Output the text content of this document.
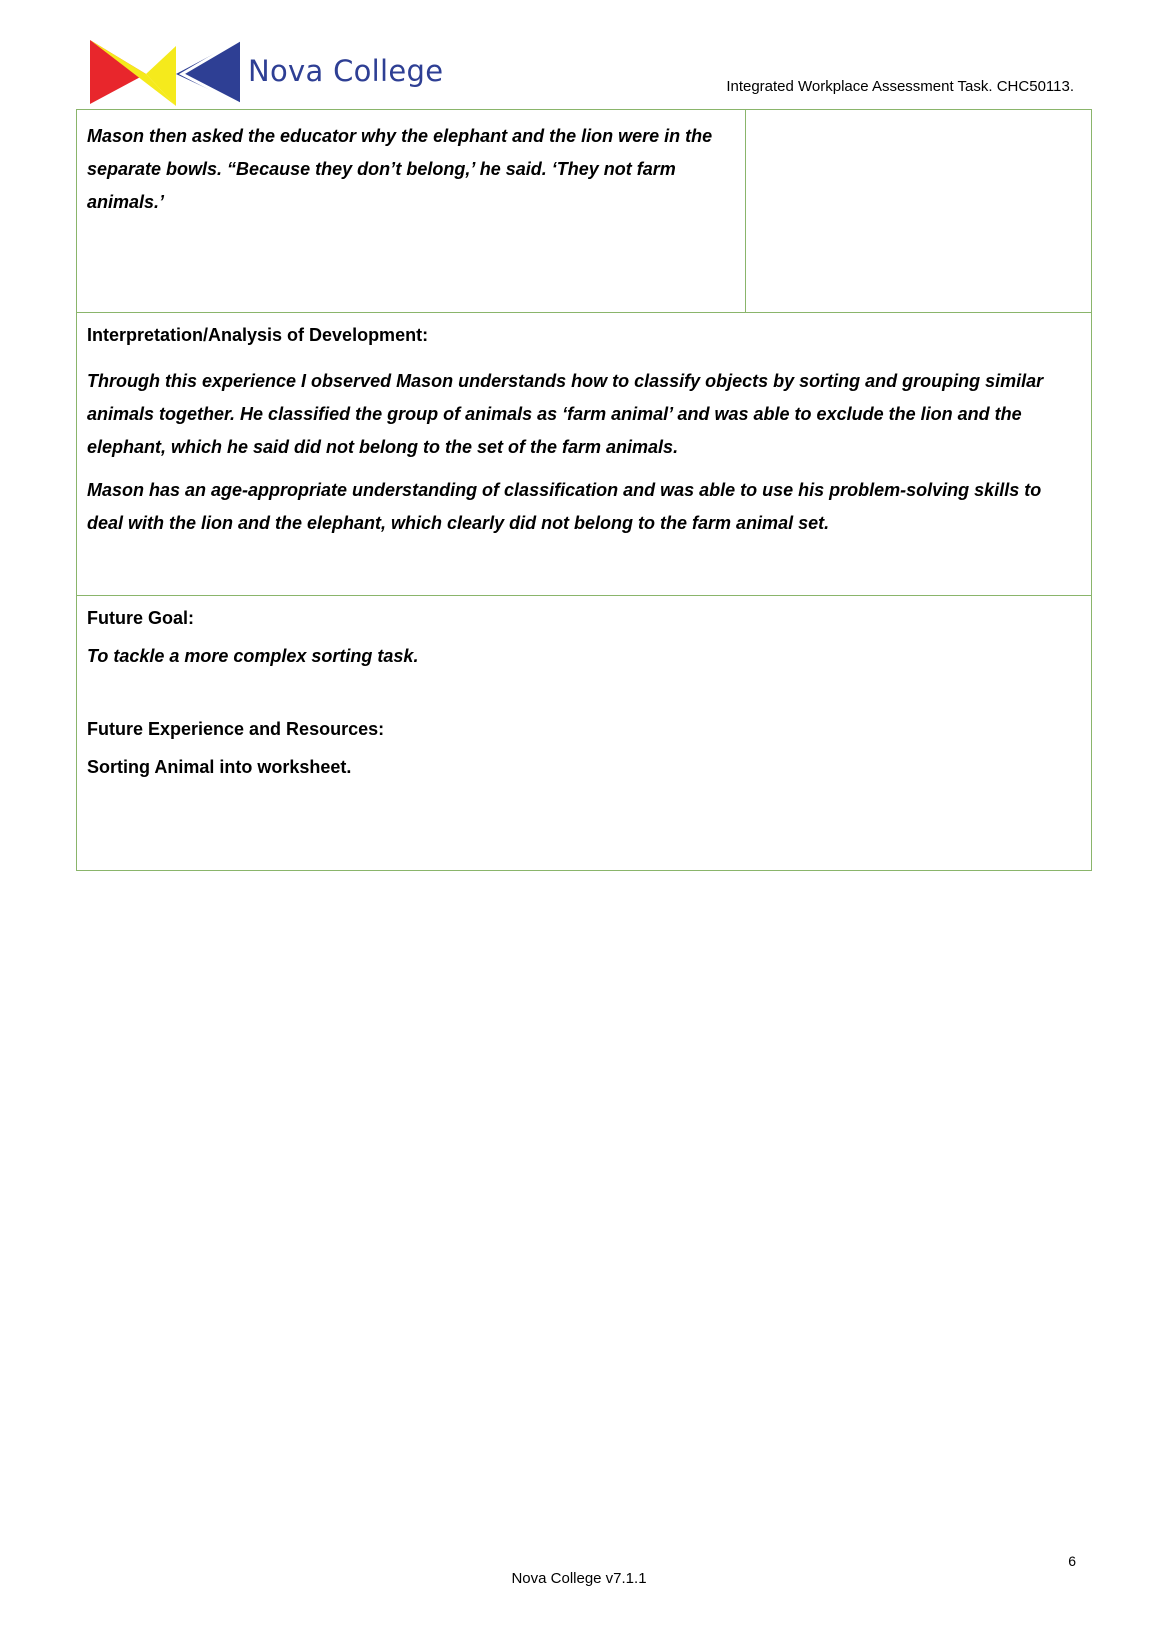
Nova College	Integrated Workplace Assessment Task. CHC50113.

Mason then asked the educator why the elephant and the lion were in the separate bowls. “Because they don’t belong,’ he said. ‘They not farm animals.’

Interpretation/Analysis of Development:

Through this experience I observed Mason understands how to classify objects by sorting and grouping similar animals together. He classified the group of animals as ‘farm animal’ and was able to exclude the lion and the elephant, which he said did not belong to the set of the farm animals.

Mason has an age-appropriate understanding of classification and was able to use his problem-solving skills to deal with the lion and the elephant, which clearly did not belong to the farm animal set.

Future Goal:

To tackle a more complex sorting task.

Future Experience and Resources:

Sorting Animal into worksheet.

6
Nova College v7.1.1
